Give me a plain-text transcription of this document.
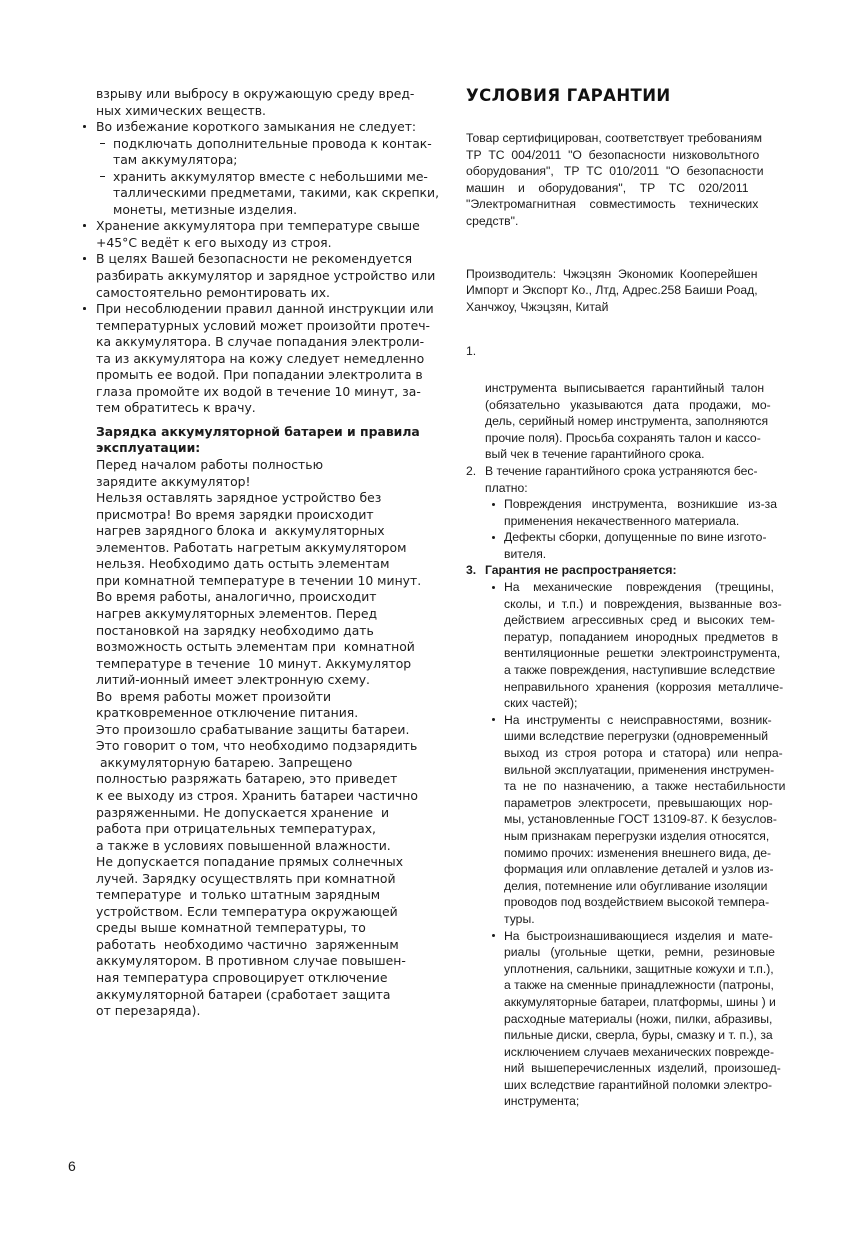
взрыву или выбросу в окружающую среду вред-
ных химических веществ.
Во избежание короткого замыкания не следует:
подключать дополнительные провода к контак-
там аккумулятора;
хранить аккумулятор вместе с небольшими ме-
таллическими предметами, такими, как скрепки,
монеты, метизные изделия.
Хранение аккумулятора при температуре свыше
+45°С ведёт к его выходу из строя.
В целях Вашей безопасности не рекомендуется
разбирать аккумулятор и зарядное устройство или
самостоятельно ремонтировать их.
При несоблюдении правил данной инструкции или
температурных условий может произойти протеч-
ка аккумулятора. В случае попадания электроли-
та из аккумулятора на кожу следует немедленно
промыть ее водой. При попадании электролита в
глаза промойте их водой в течение 10 минут, за-
тем обратитесь к врачу.
Зарядка аккумуляторной батареи и правила
эксплуатации:
Перед началом работы полностью
зарядите аккумулятор!
Нельзя оставлять зарядное устройство без
присмотра! Во время зарядки происходит
нагрев зарядного блока и  аккумуляторных
элементов. Работать нагретым аккумулятором
нельзя. Необходимо дать остыть элементам
при комнатной температуре в течении 10 минут.
Во время работы, аналогично, происходит
нагрев аккумуляторных элементов. Перед
постановкой на зарядку необходимо дать
возможность остыть элементам при  комнатной
температуре в течение  10 минут. Аккумулятор
литий-ионный имеет электронную схему.
Во  время работы может произойти
кратковременное отключение питания.
Это произошло срабатывание защиты батареи.
Это говорит о том, что необходимо подзарядить
аккумуляторную батарею. Запрещено
полностью разряжать батарею, это приведет
к ее выходу из строя. Хранить батареи частично
разряженными. Не допускается хранение  и
работа при отрицательных температурах,
а также в условиях повышенной влажности.
Не допускается попадание прямых солнечных
лучей. Зарядку осуществлять при комнатной
температуре  и только штатным зарядным
устройством. Если температура окружающей
среды выше комнатной температуры, то
работать  необходимо частично  заряженным
аккумулятором. В противном случае повышен-
ная температура спровоцирует отключение
аккумуляторной батареи (сработает защита
от перезаряда).
УСЛОВИЯ ГАРАНТИИ
Товар сертифицирован, соответствует требованиям
ТР  ТС  004/2011  "О  безопасности  низковольтного
оборудования",   ТР  ТС  010/2011  "О  безопасности
машин    и    оборудования",    ТР    ТС    020/2011
"Электромагнитная    совместимость    технических
средств".
Производитель:  Чжэцзян  Экономик  Кооперейшен
Импорт и Экспорт Ко., Лтд, Адрес.258 Баиши Роад,
Ханчжоу, Чжэцзян, Китай
1.
инструмента  выписывается  гарантийный  талон
(обязательно   указываются   дата   продажи,   мо-
дель, серийный номер инструмента, заполняются
прочие поля). Просьба сохранять талон и кассо-
вый чек в течение гарантийного срока.
2. В течение гарантийного срока устраняются бес-
платно:
Повреждения   инструмента,   возникшие   из-за
применения некачественного материала.
Дефекты сборки, допущенные по вине изгото-
вителя.
3. Гарантия не распространяется:
На    механические    повреждения    (трещины,
сколы,  и  т.п.)  и  повреждения,  вызванные  воз-
действием  агрессивных  сред  и  высоких  тем-
ператур,  попаданием  инородных  предметов  в
вентиляционные  решетки  электроинструмента,
а также повреждения, наступившие вследствие
неправильного  хранения  (коррозия  металличе-
ских частей);
На  инструменты  с  неисправностями,  возник-
шими вследствие перегрузки (одновременный
выход  из  строя  ротора  и  статора)  или  непра-
вильной эксплуатации, применения инструмен-
та  не  по  назначению,  а  также  нестабильности
параметров  электросети,  превышающих  нор-
мы, установленные ГОСТ 13109-87. К безуслов-
ным признакам перегрузки изделия относятся,
помимо прочих: изменения внешнего вида, де-
формация или оплавление деталей и узлов из-
делия, потемнение или обугливание изоляции
проводов под воздействием высокой темпера-
туры.
На  быстроизнашивающиеся  изделия  и  мате-
риалы   (угольные   щетки,   ремни,   резиновые
уплотнения, сальники, защитные кожухи и т.п.),
а также на сменные принадлежности (патроны,
аккумуляторные батареи, платформы, шины ) и
расходные материалы (ножи, пилки, абразивы,
пильные диски, сверла, буры, смазку и т. п.), за
исключением случаев механических поврежде-
ний  вышеперечисленных  изделий,  произошед-
ших вследствие гарантийной поломки электро-
инструмента;
6
